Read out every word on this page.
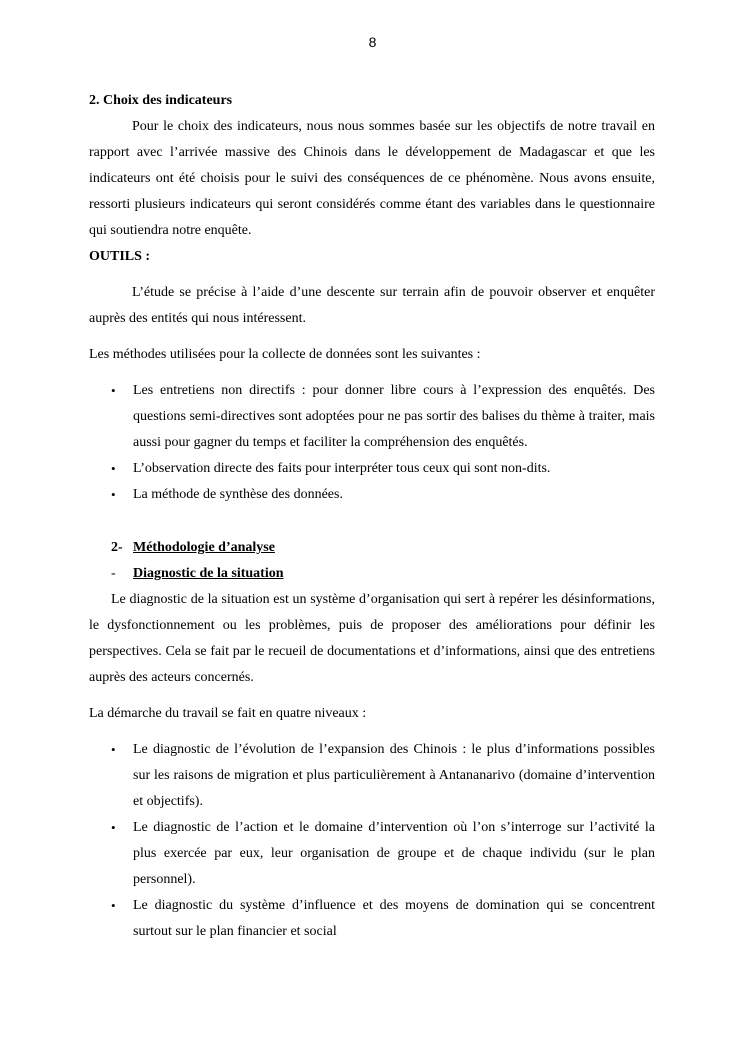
8
2. Choix des indicateurs

Pour le choix des indicateurs, nous nous sommes basée sur les objectifs de notre travail en rapport avec l’arrivée massive des Chinois dans le développement de Madagascar et que les indicateurs ont été choisis pour le suivi des conséquences de ce phénomène. Nous avons ensuite, ressorti plusieurs indicateurs qui seront considérés comme étant des variables dans le questionnaire qui soutiendra notre enquête.

OUTILS :

L’étude se précise à l’aide d’une descente sur terrain afin de pouvoir observer et enquêter auprès des entités qui nous intéressent.

Les méthodes utilisées pour la collecte de données sont les suivantes :

• Les entretiens non directifs : pour donner libre cours à l’expression des enquêtés. Des questions semi-directives sont adoptées pour ne pas sortir des balises du thème à traiter, mais aussi pour gagner du temps et faciliter la compréhension des enquêtés.
• L’observation directe des faits pour interpréter tous ceux qui sont non-dits.
• La méthode de synthèse des données.
2- Méthodologie d’analyse
- Diagnostic de la situation

Le diagnostic de la situation est un système d’organisation qui sert à repérer les désinformations, le dysfonctionnement ou les problèmes, puis de proposer des améliorations pour définir les perspectives. Cela se fait par le recueil de documentations et d’informations, ainsi que des entretiens auprès des acteurs concernés.

La démarche du travail se fait en quatre niveaux :

• Le diagnostic de l’évolution de l’expansion des Chinois : le plus d’informations possibles sur les raisons de migration et plus particulièrement à Antananarivo (domaine d’intervention et objectifs).
• Le diagnostic de l’action et le domaine d’intervention où l’on s’interroge sur l’activité la plus exercée par eux, leur organisation de groupe et de chaque individu (sur le plan personnel).
• Le diagnostic du système d’influence et des moyens de domination qui se concentrent surtout sur le plan financier et social
